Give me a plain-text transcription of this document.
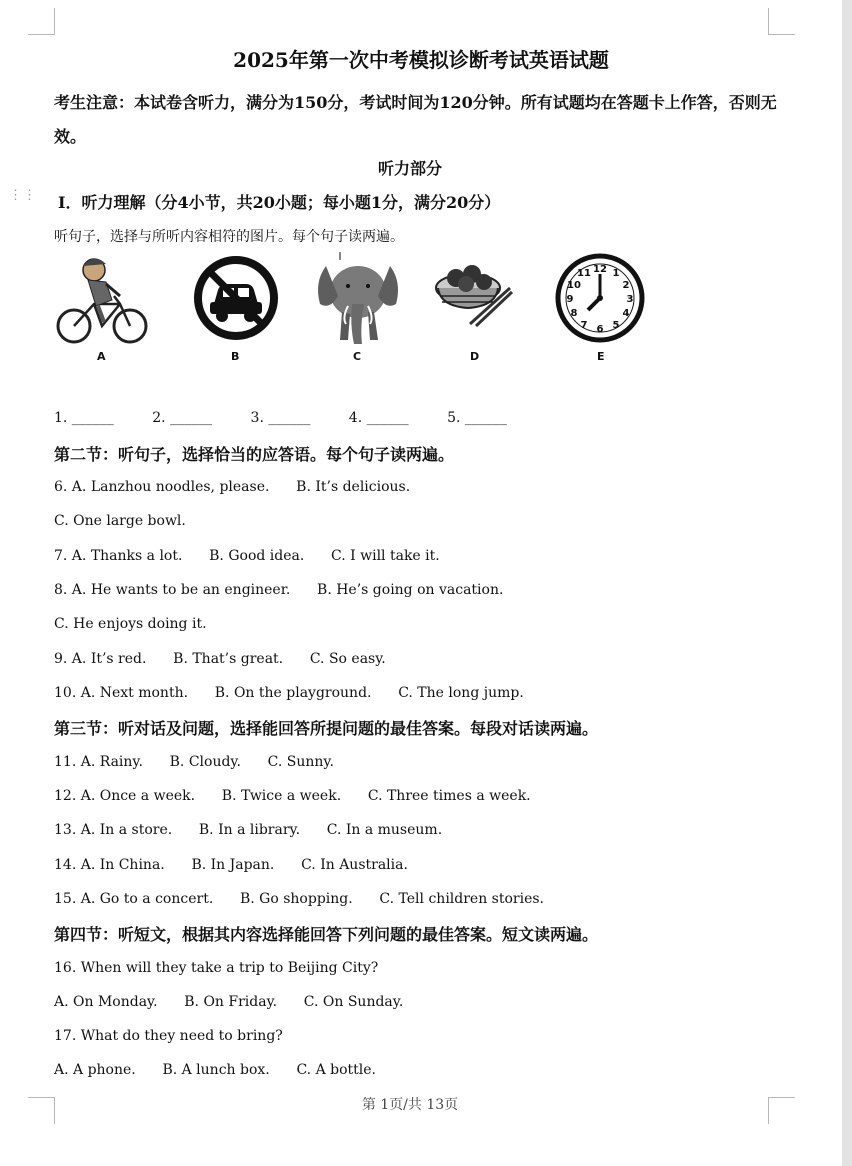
⋮⋮
2025年第一次中考模拟诊断考试英语试题
考生注意：本试卷含听力，满分为150分，考试时间为120分钟。所有试题均在答题卡上作答，否则无效。
听力部分
Ⅰ．听力理解（分4小节，共20小题；每小题1分，满分20分）
听句子，选择与所听内容相符的图片。每个句子读两遍。
A	B	C	D
12 1
2
3
4
5
6
7
8
9
10
11
E
1. ______	2. ______	3. ______	4. ______	5. ______
第二节：听句子，选择恰当的应答语。每个句子读两遍。
6. A. Lanzhou noodles, please. B. It’s delicious.
C. One large bowl.
7. A. Thanks a lot. B. Good idea. C. I will take it.
8. A. He wants to be an engineer. B. He’s going on vacation.
C. He enjoys doing it.
9. A. It’s red. B. That’s great. C. So easy.
10. A. Next month. B. On the playground. C. The long jump.
第三节：听对话及问题，选择能回答所提问题的最佳答案。每段对话读两遍。
11. A. Rainy. B. Cloudy. C. Sunny.
12. A. Once a week. B. Twice a week. C. Three times a week.
13. A. In a store. B. In a library. C. In a museum.
14. A. In China. B. In Japan. C. In Australia.
15. A. Go to a concert. B. Go shopping. C. Tell children stories.
第四节：听短文，根据其内容选择能回答下列问题的最佳答案。短文读两遍。
16. When will they take a trip to Beijing City?
A. On Monday. B. On Friday. C. On Sunday.
17. What do they need to bring?
A. A phone. B. A lunch box. C. A bottle.
第 1页/共 13页
